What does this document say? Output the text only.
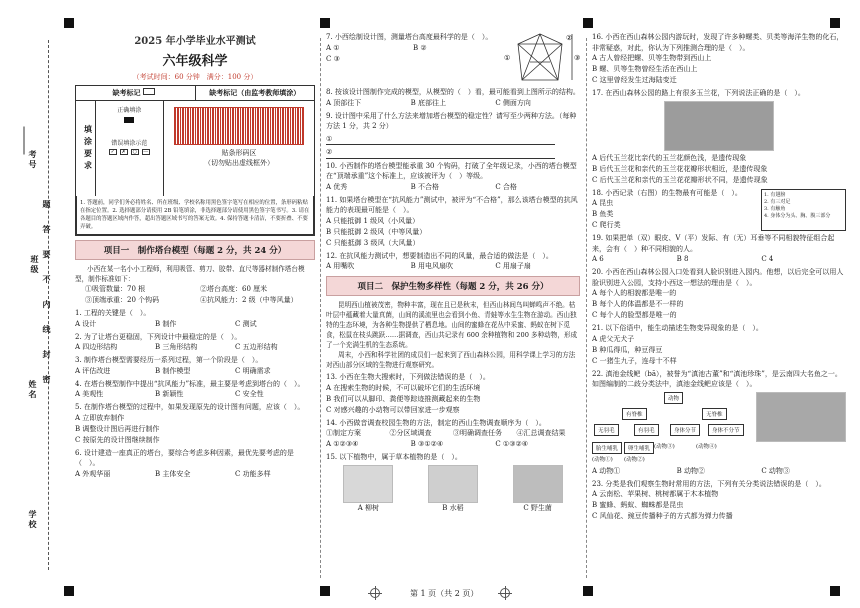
考号
姓名
班级
学校
题
答
要
不
内
线
封
密
2025 年小学毕业水平测试
六年级科学
（考试时间：60 分钟　满分：100 分）
缺考标记	缺考标记（由监考教师填涂）
填涂要求
正确填涂
错误填涂示范
✓	✗	○	—	贴条形码区
（切勿贴出虚线框外）
1. 答题前，同学们务必将姓名、所在班级、学校名称用黑色签字笔写在相应的位置，条形码粘贴在指定位置。2. 选择题部分请使用 2B 铅笔填涂，非选择题部分请使用黑色签字笔书写。3. 请在各题目的答题区域内作答，超出答题区域书写的答案无效。4. 保持答题卡清洁，不要折叠、不要弄破。
项目一　制作塔台模型（每题 2 分，共 24 分）

小西在某一名小小工程师，利用吸管、剪刀、胶带、直尺等器材制作塔台模型，制作标准如下：

①吸管数量：70 根	②塔台高度：60 厘米
③顶端承重：20 个钩码	④抗风能力：2 级（中等风量）
1. 工程的关键是（　）。
A 设计	B 制作	C 测试
2. 为了让塔台更稳固，下列设计中最稳定的是（　）。
A 四边形结构	B 三角形结构	C 五边形结构
3. 制作塔台模型需要经历一系列过程，第一个阶段是（　）。
A 评估改进	B 制作模型	C 明确需求
4. 在塔台模型制作中提出“抗风能力”标准，最主要是考虑到塔台的（　）。
A 美观性	B 新颖性	C 安全性
5. 在制作塔台模型的过程中，如果发现原先的设计图有问题，应该（　）。
A 立即放弃制作
B 调整设计图后再进行制作
C 按原先的设计图继续制作
6. 设计建造一座真正的塔台，要综合考虑多种因素，最优先要考虑的是（　）。
A 外观华丽	B 主体安全	C 功能多样
7. 小西绘制设计图，测量塔台高度最科学的是（　）。
A ①	B ②
C ③	①
②
③
8. 按该设计图制作完成的模型，从模型的（　）看，最可能看到上图所示的结构。
A 顶部往下	B 底部往上	C 侧面方向
9. 设计图中采用了什么方法来增加塔台模型的稳定性？请写至少两种方法。（每种方法 1 分，共 2 分）
①
②
10. 小西制作的塔台模型能承重 30 个钩码，打破了全年级记录，小西的塔台模型在“顶端承重”这个标准上，应该被评为（　）等级。
A 优秀	B 不合格	C 合格
11. 如果塔台模型在“抗风能力”测试中，被评为“不合格”，那么该塔台模型的抗风能力的表现最可能是（　）。
A 只能抵御 1 级风（小风量）
B 只能抵御 2 级风（中等风量）
C 只能抵御 3 级风（大风量）
12. 在抗风能力测试中，想要制造出不同的风量，最合适的做法是（　）。
A 用嘴吹	B 用电风扇吹	C 用扇子扇
项目二　保护生物多样性（每题 2 分，共 26 分）

昆明西山植被茂密，物种丰富，现在且已是秋末，但西山林间鸟叫蝉鸣声不绝。枯叶层中蕴藏着大量真菌，山间的溪流里也会看到小鱼、青蛙等水生生物在游动。西山独特的生态环境，为各种生物提供了栖息地。山间的蜜蜂在花丛中采蜜、蚂蚁在树下觅食，松鼠在枝头跳跃……据调查，西山共记录有 600 余种植物和 200 多种动物，形成了一个充满生机的生态系统。

周末，小西和科学社团的成员们一起来到了西山森林公园，用科学课上学习的方法对西山部分区域的生物进行观察研究。

13. 小西在生物大搜索时，下列做法错误的是（　）。
A 在搜索生物的时候，不可以破坏它们的生活环境
B 我们可以从脚印、粪便等踪迹推测藏起来的生物
C 对感兴趣的小动物可以带回家进一步观察
14. 小西做音调查校园生物的方法，制定的西山生物调查顺序为（　）。
①制定方案	②分区域调查	③明确调查任务	④汇总调查结果
A ①②③④	B ③①②④	C ①③②④
15. 以下植物中，属于草本植物的是（　）。
A 柳树	B 水稻	C 野生菌
16. 小西在西山森林公园内游玩时，发现了许多种螺类、贝类等海洋生物的化石，非常疑惑，对此，你认为下列推测合理的是（　）。
A 古人曾经把螺、贝等生物带到西山上
B 螺、贝等生物曾经生活在西山上
C 这里曾经发生过海陆变迁
17. 在西山森林公园的路上有很多玉兰花，下列说法正确的是（　）。
A 后代玉兰花比亲代的玉兰花颜色浅，是遗传现象
B 后代玉兰花和亲代的玉兰花花瓣形状相近，是遗传现象
C 后代玉兰花和亲代的玉兰花花瓣形状不同，是遗传现象
18. 小西记录（右图）的生物最有可能是（　）。
A 昆虫
B 鱼类
C 爬行类
1. 有翅膀
2. 有三对足
3. 有触角
4. 身体分为头、胸、腹三部分
19. 如果把单（双）眼皮、V（平）发际、有（无）耳垂等不同相貌特征组合起来，会有（　）种不同相貌的人。
A 6	B 8	C 4
20. 小西在西山森林公园入口处看到人脸识别进入园内。他想，以后完全可以用人脸识别进入公园，支持小西这一想法的理由是（　）。
A 每个人的相貌都是唯一的
B 每个人的体温都是不一样的
C 每个人的脸型都是唯一的
21. 以下俗语中，能生动描述生物变异现象的是（　）。
A 虎父无犬子
B 种瓜得瓜，种豆得豆
C 一猪生九子，连母十不样
22. 滇池金线鲃（bā），被誉为“滇池古董”和“滇池珍珠”，是云南四大名鱼之一。如图编制的二歧分类法中，滇池金线鲃应该是（　）。
动物
有脊椎	无脊椎
无羽毛	有羽毛	身体分节	身体不分节
胎生哺乳	卵生哺乳 (动物③)	(动物④)
(动物①) (动物②)
A 动物①	B 动物②	C 动物③
23. 分类是我们观察生物时常用的方法，下列有关分类说法错误的是（　）。
A 云南松、苹果树、桃树都属于木本植物
B 蜜蜂、蚂蚁、蜘蛛都是昆虫
C 风仙花、豌豆传播种子的方式都为弹力传播
第 1 页（共 2 页）
